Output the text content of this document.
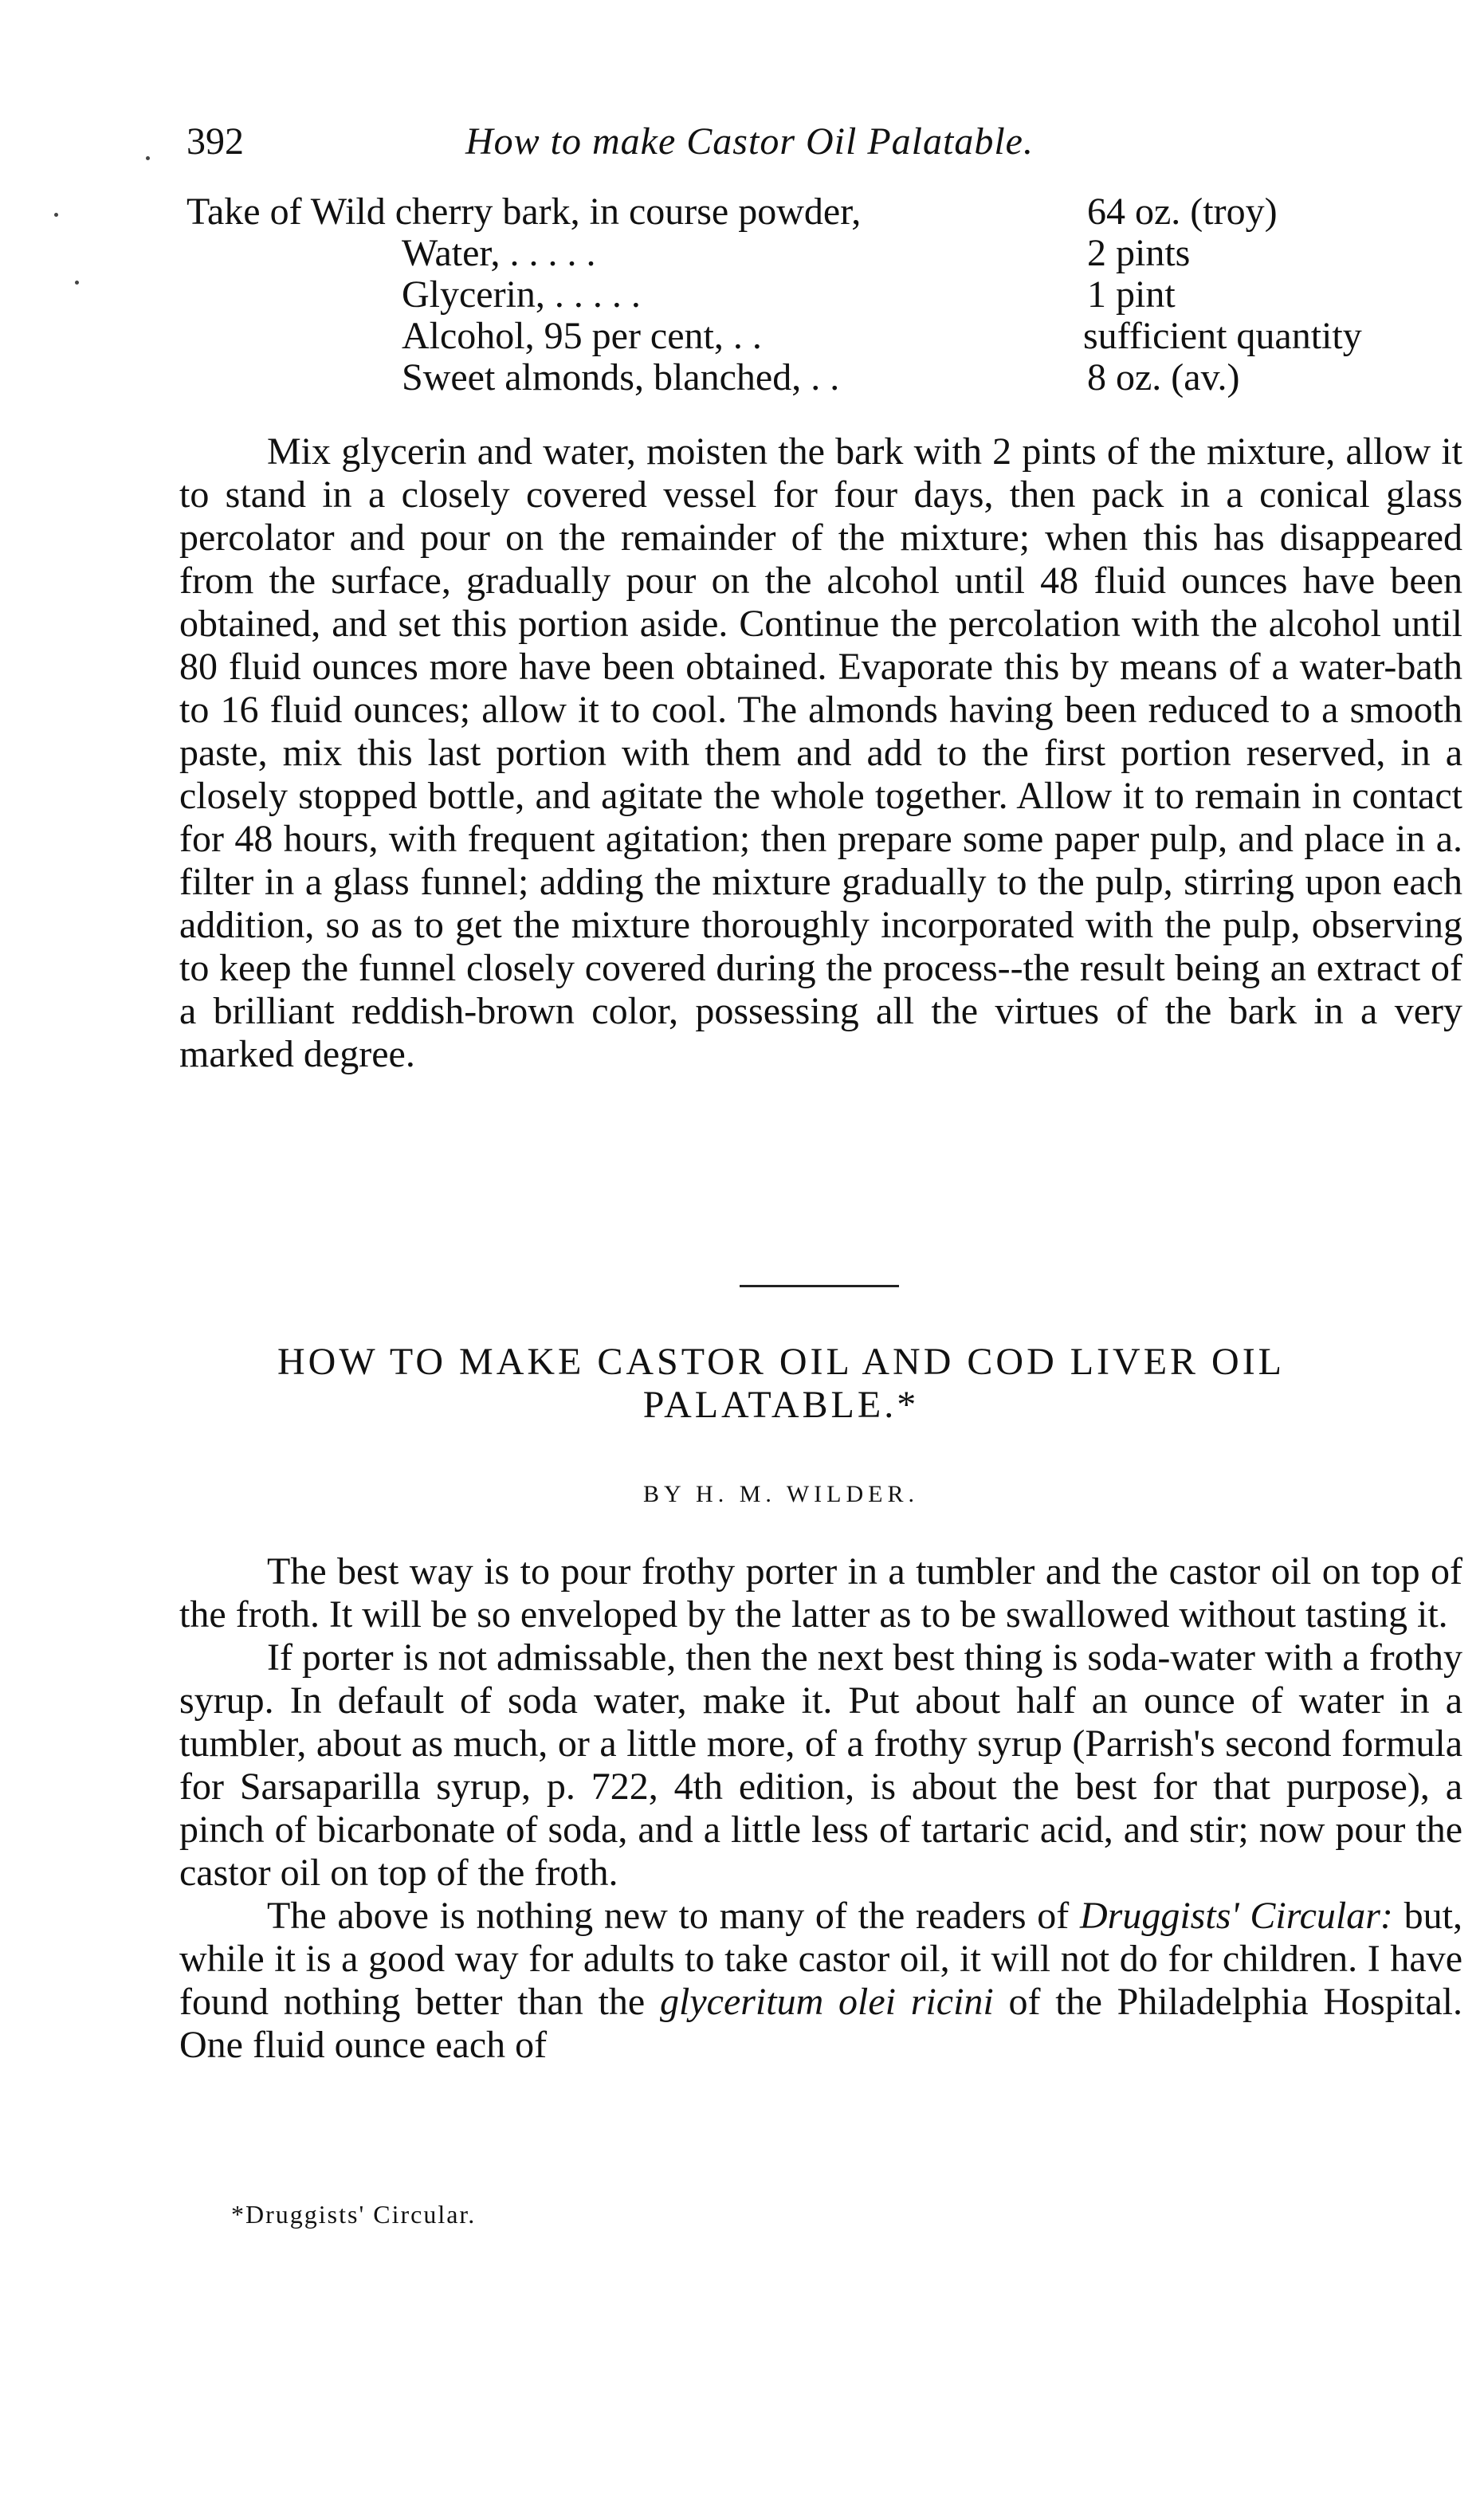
392	How to make Castor Oil Palatable.
Take of Wild cherry bark, in course powder,	64 oz. (troy)
Water, . . . . .	2 pints
Glycerin, . . . . .	1 pint
Alcohol, 95 per cent, . .	sufficient quantity
Sweet almonds, blanched, . .	8 oz. (av.)

Mix glycerin and water, moisten the bark with 2 pints of the mixture, allow it to stand in a closely covered vessel for four days, then pack in a conical glass percolator and pour on the remainder of the mixture; when this has disappeared from the surface, gradually pour on the alcohol until 48 fluid ounces have been obtained, and set this portion aside. Continue the percolation with the alcohol until 80 fluid ounces more have been obtained. Evaporate this by means of a water-bath to 16 fluid ounces; allow it to cool. The almonds having been reduced to a smooth paste, mix this last portion with them and add to the first portion reserved, in a closely stopped bottle, and agitate the whole together. Allow it to remain in contact for 48 hours, with frequent agitation; then prepare some paper pulp, and place in a. filter in a glass funnel; adding the mixture gradually to the pulp, stirring upon each addition, so as to get the mixture thoroughly incorporated with the pulp, observing to keep the funnel closely covered during the process--the result being an extract of a brilliant reddish-brown color, possessing all the virtues of the bark in a very marked degree.

HOW TO MAKE CASTOR OIL AND COD LIVER OIL
PALATABLE.*
BY H. M. WILDER.

The best way is to pour frothy porter in a tumbler and the castor oil on top of the froth. It will be so enveloped by the latter as to be swallowed without tasting it.

If porter is not admissable, then the next best thing is soda-water with a frothy syrup. In default of soda water, make it. Put about half an ounce of water in a tumbler, about as much, or a little more, of a frothy syrup (Parrish's second formula for Sarsaparilla syrup, p. 722, 4th edition, is about the best for that purpose), a pinch of bicarbonate of soda, and a little less of tartaric acid, and stir; now pour the castor oil on top of the froth.

The above is nothing new to many of the readers of Druggists' Circular: but, while it is a good way for adults to take castor oil, it will not do for children. I have found nothing better than the glyceritum olei ricini of the Philadelphia Hospital. One fluid ounce each of

*Druggists' Circular.
